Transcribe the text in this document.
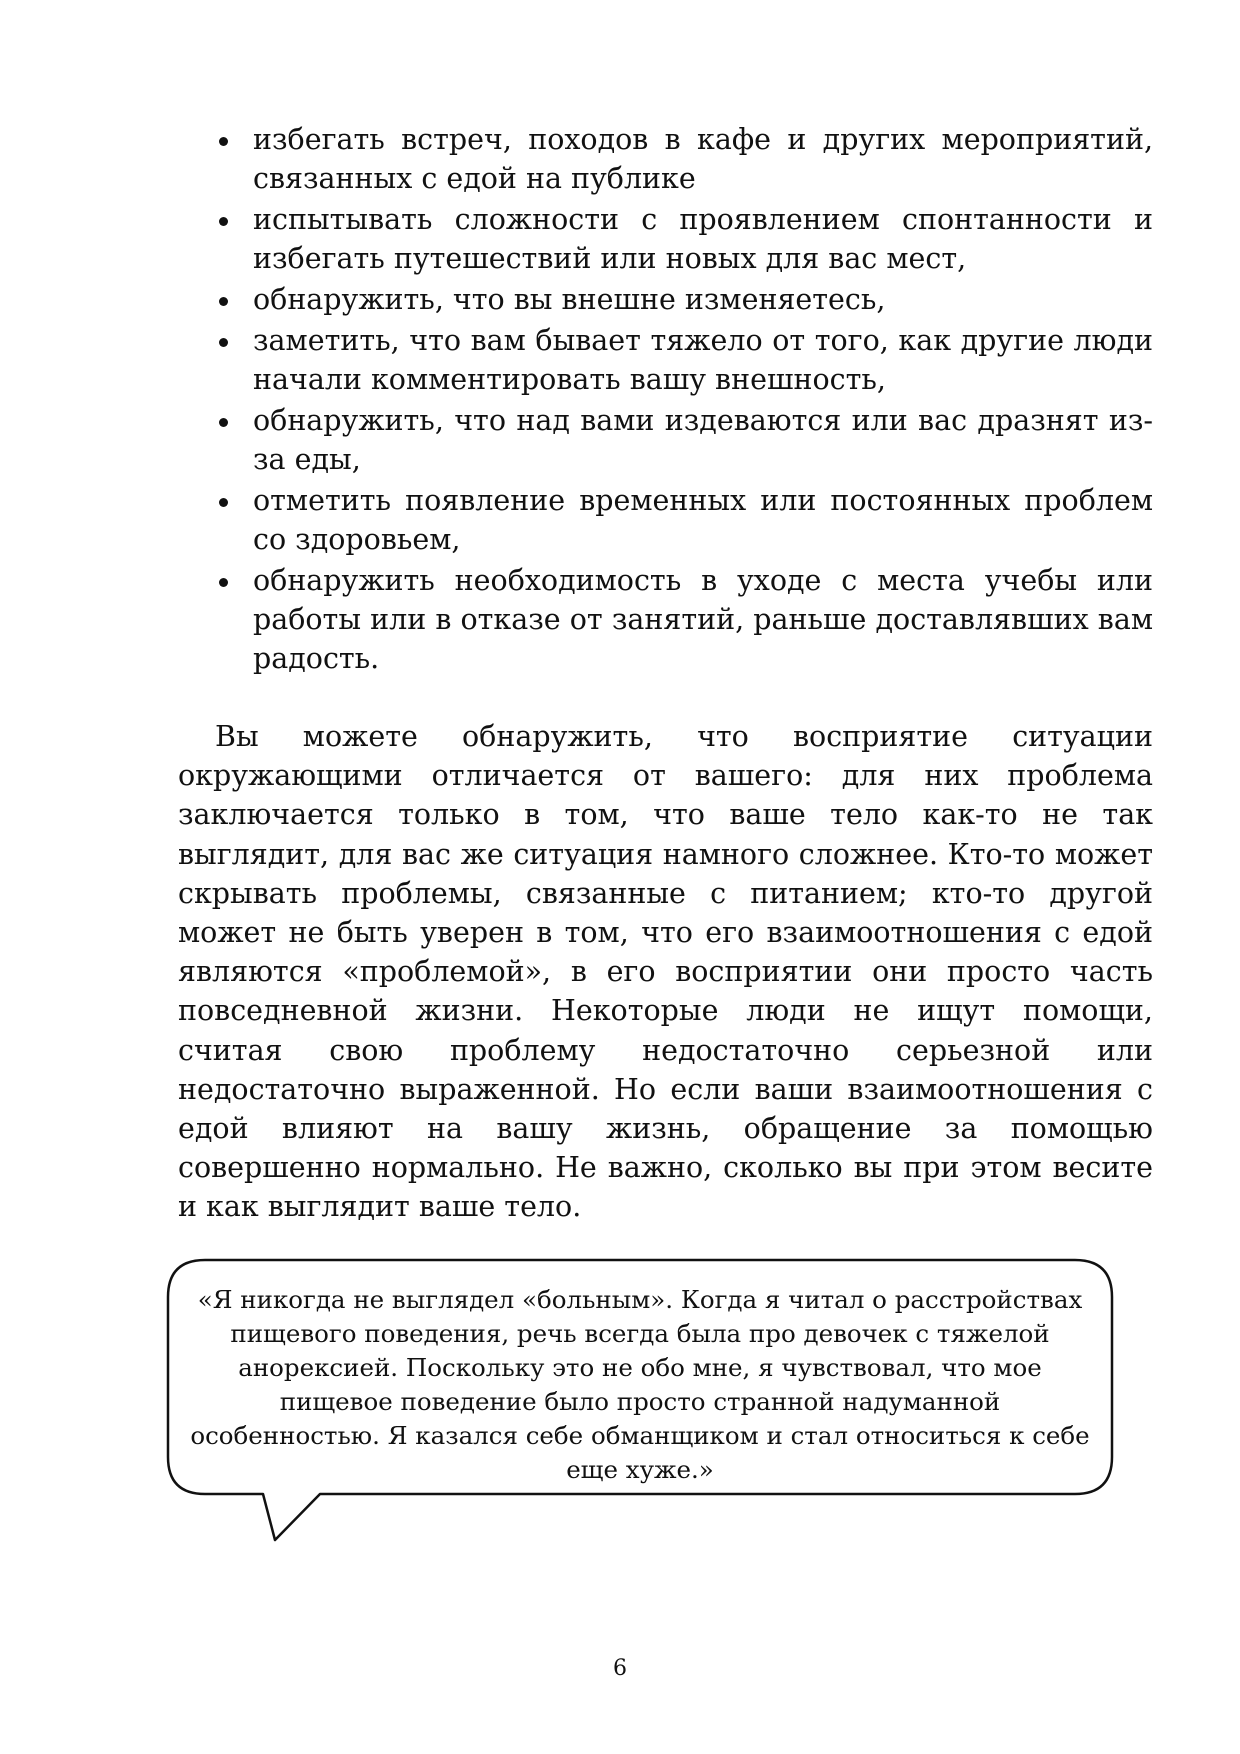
избегать встреч, походов в кафе и других мероприятий, связанных с едой на публике
испытывать сложности с проявлением спонтанности и избегать путешествий или новых для вас мест,
обнаружить, что вы внешне изменяетесь,
заметить, что вам бывает тяжело от того, как другие люди начали комментировать вашу внешность,
обнаружить, что над вами издеваются или вас дразнят из-за еды,
отметить появление временных или постоянных проблем со здоровьем,
обнаружить необходимость в уходе с места учебы или работы или в отказе от занятий, раньше доставлявших вам радость.

Вы можете обнаружить, что восприятие ситуации окружающими отличается от вашего: для них проблема заключается только в том, что ваше тело как-то не так выглядит, для вас же ситуация намного сложнее. Кто-то может скрывать проблемы, связанные с питанием; кто-то другой может не быть уверен в том, что его взаимоотношения с едой являются «проблемой», в его восприятии они просто часть повседневной жизни. Некоторые люди не ищут помощи, считая свою проблему недостаточно серьезной или недостаточно выраженной. Но если ваши взаимоотношения с едой влияют на вашу жизнь, обращение за помощью совершенно нормально. Не важно, сколько вы при этом весите и как выглядит ваше тело.

«Я никогда не выглядел «больным». Когда я читал о расстройствах пищевого поведения, речь всегда была про девочек с тяжелой анорексией. Поскольку это не обо мне, я чувствовал, что мое пищевое поведение было просто странной надуманной особенностью. Я казался себе обманщиком и стал относиться к себе еще хуже.»

6
